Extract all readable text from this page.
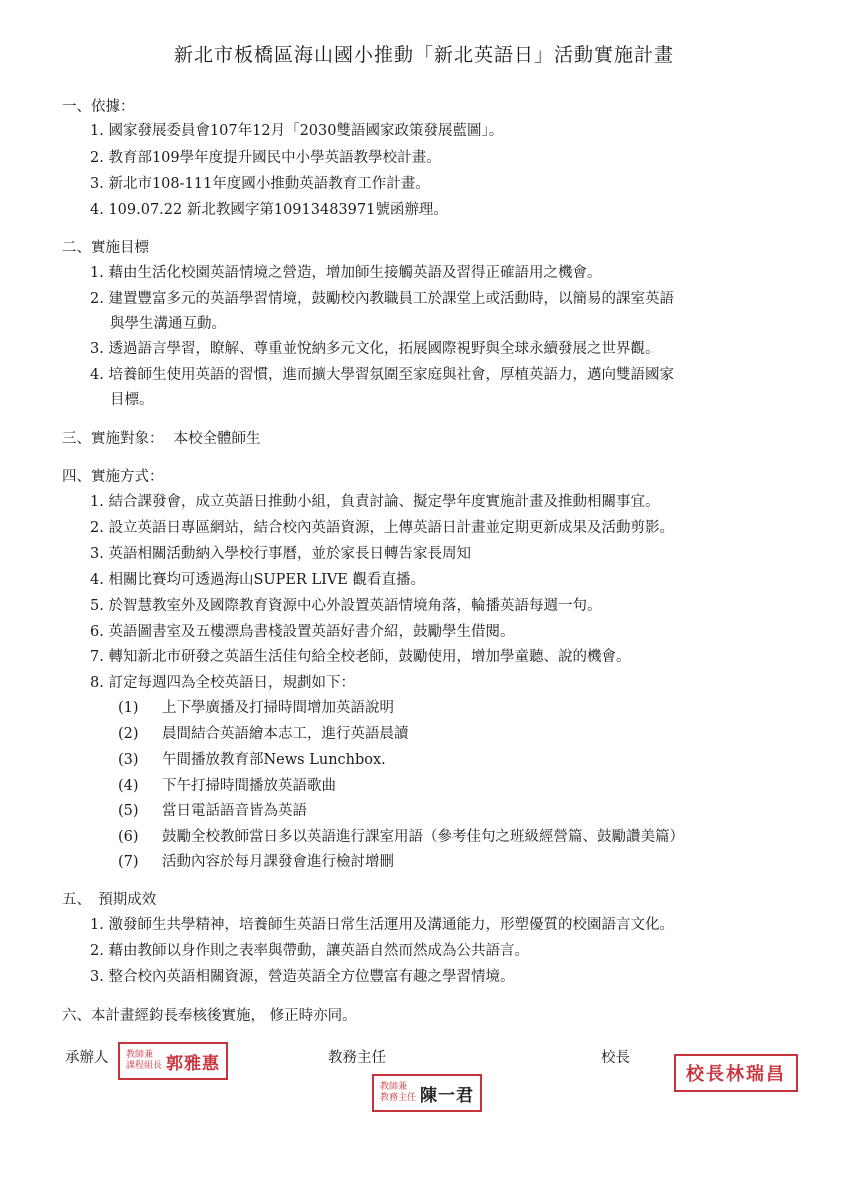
新北市板橋區海山國小推動「新北英語日」活動實施計畫
一、依據：
1. 國家發展委員會107年12月「2030雙語國家政策發展藍圖」。
2. 教育部109學年度提升國民中小學英語教學校計畫。
3. 新北市108-111年度國小推動英語教育工作計畫。
4. 109.07.22 新北教國字第10913483971號函辦理。
二、實施目標
1. 藉由生活化校園英語情境之營造，增加師生接觸英語及習得正確語用之機會。
2. 建置豐富多元的英語學習情境，鼓勵校內教職員工於課堂上或活動時，以簡易的課室英語
與學生溝通互動。
3. 透過語言學習，瞭解、尊重並悅納多元文化，拓展國際視野與全球永續發展之世界觀。
4. 培養師生使用英語的習慣，進而擴大學習氛圍至家庭與社會，厚植英語力，邁向雙語國家
目標。
三、實施對象： 本校全體師生
四、實施方式：
1. 結合課發會，成立英語日推動小組，負責討論、擬定學年度實施計畫及推動相關事宜。
2. 設立英語日專區網站，結合校內英語資源，上傳英語日計畫並定期更新成果及活動剪影。
3. 英語相關活動納入學校行事曆，並於家長日轉告家長周知
4. 相關比賽均可透過海山SUPER LIVE 觀看直播。
5. 於智慧教室外及國際教育資源中心外設置英語情境角落，輪播英語每週一句。
6. 英語圖書室及五樓漂鳥書棧設置英語好書介紹，鼓勵學生借閱。
7. 轉知新北市研發之英語生活佳句給全校老師，鼓勵使用，增加學童聽、說的機會。
8. 訂定每週四為全校英語日，規劃如下：
(1) 上下學廣播及打掃時間增加英語說明
(2) 晨間結合英語繪本志工，進行英語晨讀
(3) 午間播放教育部News Lunchbox.
(4) 下午打掃時間播放英語歌曲
(5) 當日電話語音皆為英語
(6) 鼓勵全校教師當日多以英語進行課室用語（參考佳句之班級經營篇、鼓勵讚美篇）
(7) 活動內容於每月課發會進行檢討增刪
五、　預期成效
1. 激發師生共學精神，培養師生英語日常生活運用及溝通能力，形塑優質的校園語言文化。
2. 藉由教師以身作則之表率與帶動，讓英語自然而然成為公共語言。
3. 整合校內英語相關資源，營造英語全方位豐富有趣之學習情境。
六、本計畫經鈞長奉核後實施， 修正時亦同。
承辦人 教師兼
課程組長 郭雅惠	教務主任
教師兼
教務主任 陳一君
校長
校長林瑞昌
